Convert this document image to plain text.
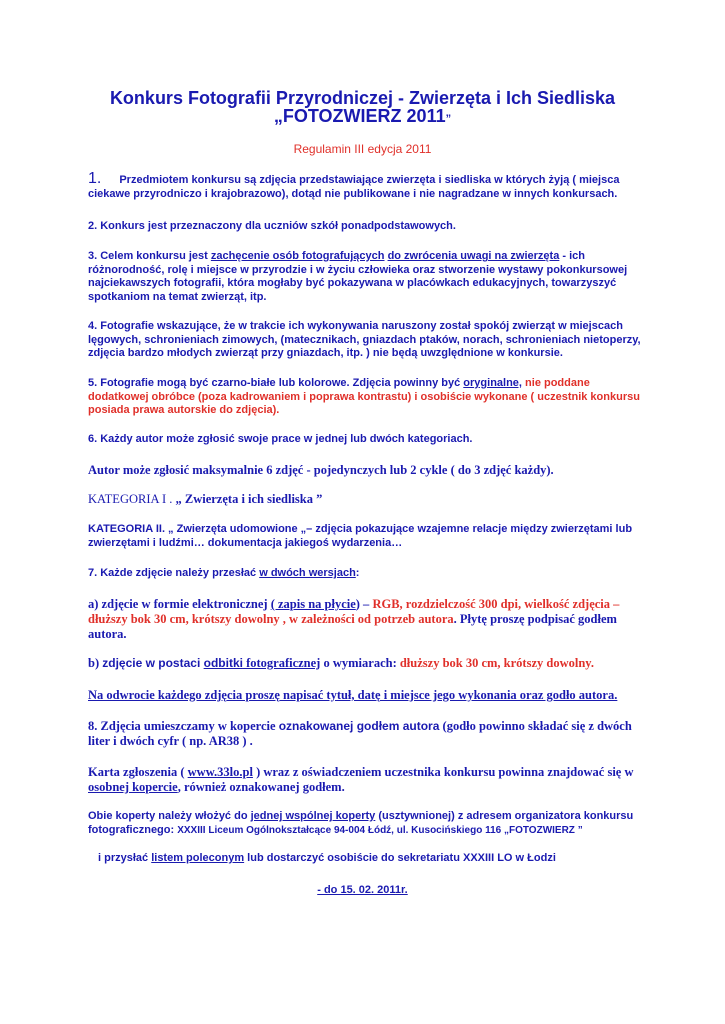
Konkurs Fotografii Przyrodniczej - Zwierzęta i Ich Siedliska
„FOTOZWIERZ 2011”
Regulamin III edycja 2011
1. Przedmiotem konkursu są zdjęcia przedstawiające zwierzęta i siedliska w których żyją ( miejsca ciekawe przyrodniczo i krajobrazowo), dotąd nie publikowane i nie nagradzane w innych konkursach.
2. Konkurs jest przeznaczony dla uczniów szkół ponadpodstawowych.
3. Celem konkursu jest zachęcenie osób fotografujących do zwrócenia uwagi na zwierzęta - ich różnorodność, rolę i miejsce w przyrodzie i w życiu człowieka oraz stworzenie wystawy pokonkursowej najciekawszych fotografii, która mogłaby być pokazywana w placówkach edukacyjnych, towarzyszyć spotkaniom na temat zwierząt, itp.
4. Fotografie wskazujące, że w trakcie ich wykonywania naruszony został spokój zwierząt w miejscach lęgowych, schronieniach zimowych, (matecznikach, gniazdach ptaków, norach, schronieniach nietoperzy, zdjęcia bardzo młodych zwierząt przy gniazdach, itp. ) nie będą uwzględnione w konkursie.
5. Fotografie mogą być czarno-białe lub kolorowe. Zdjęcia powinny być oryginalne, nie poddane dodatkowej obróbce (poza kadrowaniem i poprawa kontrastu) i osobiście wykonane ( uczestnik konkursu posiada prawa autorskie do zdjęcia).
6. Każdy autor może zgłosić swoje prace w jednej lub dwóch kategoriach.
Autor może zgłosić maksymalnie 6 zdjęć - pojedynczych lub 2 cykle ( do 3 zdjęć każdy).
KATEGORIA I . „ Zwierzęta i ich siedliska ”
KATEGORIA II. „ Zwierzęta udomowione „– zdjęcia pokazujące wzajemne relacje między zwierzętami lub zwierzętami i ludźmi… dokumentacja jakiegoś wydarzenia…
7. Każde zdjęcie należy przesłać w dwóch wersjach:
a) zdjęcie w formie elektronicznej ( zapis na płycie) – RGB, rozdzielczość 300 dpi, wielkość zdjęcia – dłuższy bok 30 cm, krótszy dowolny , w zależności od potrzeb autora. Płytę proszę podpisać godłem autora.
b) zdjęcie w postaci odbitki fotograficznej o wymiarach: dłuższy bok 30 cm, krótszy dowolny.
Na odwrocie każdego zdjęcia proszę napisać tytuł, datę i miejsce jego wykonania oraz godło autora.
8. Zdjęcia umieszczamy w kopercie oznakowanej godłem autora (godło powinno składać się z dwóch liter i dwóch cyfr ( np. AR38 ) .
Karta zgłoszenia ( www.33lo.pl ) wraz z oświadczeniem uczestnika konkursu powinna znajdować się w osobnej kopercie, również oznakowanej godłem.
Obie koperty należy włożyć do jednej wspólnej koperty (usztywnionej) z adresem organizatora konkursu fotograficznego: XXXIII Liceum Ogólnokształcące 94-004 Łódź, ul. Kusocińskiego 116 „FOTOZWIERZ ”
i przysłać listem poleconym lub dostarczyć osobiście do sekretariatu XXXIII LO w Łodzi
- do 15. 02. 2011r.
